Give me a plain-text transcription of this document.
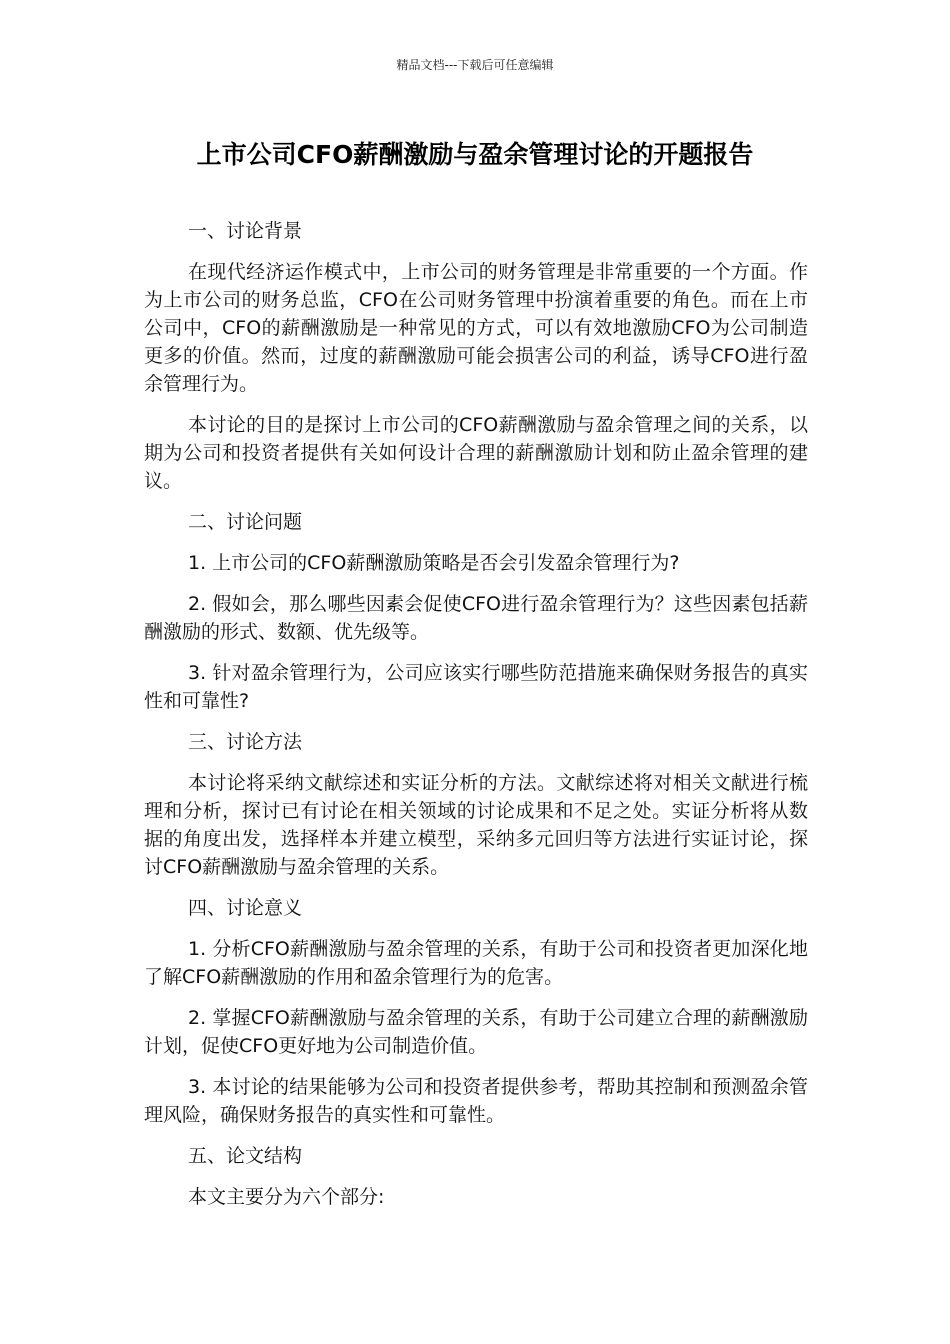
精品文档---下载后可任意编辑
上市公司CFO薪酬激励与盈余管理讨论的开题报告

一、讨论背景

在现代经济运作模式中，上市公司的财务管理是非常重要的一个方面。作为上市公司的财务总监，CFO在公司财务管理中扮演着重要的角色。而在上市公司中，CFO的薪酬激励是一种常见的方式，可以有效地激励CFO为公司制造更多的价值。然而，过度的薪酬激励可能会损害公司的利益，诱导CFO进行盈余管理行为。

本讨论的目的是探讨上市公司的CFO薪酬激励与盈余管理之间的关系，以期为公司和投资者提供有关如何设计合理的薪酬激励计划和防止盈余管理的建议。

二、讨论问题

1. 上市公司的CFO薪酬激励策略是否会引发盈余管理行为?

2. 假如会，那么哪些因素会促使CFO进行盈余管理行为？这些因素包括薪酬激励的形式、数额、优先级等。

3. 针对盈余管理行为，公司应该实行哪些防范措施来确保财务报告的真实性和可靠性?

三、讨论方法

本讨论将采纳文献综述和实证分析的方法。文献综述将对相关文献进行梳理和分析，探讨已有讨论在相关领域的讨论成果和不足之处。实证分析将从数据的角度出发，选择样本并建立模型，采纳多元回归等方法进行实证讨论，探讨CFO薪酬激励与盈余管理的关系。

四、讨论意义

1. 分析CFO薪酬激励与盈余管理的关系，有助于公司和投资者更加深化地了解CFO薪酬激励的作用和盈余管理行为的危害。

2. 掌握CFO薪酬激励与盈余管理的关系，有助于公司建立合理的薪酬激励计划，促使CFO更好地为公司制造价值。

3. 本讨论的结果能够为公司和投资者提供参考，帮助其控制和预测盈余管理风险，确保财务报告的真实性和可靠性。

五、论文结构

本文主要分为六个部分:
